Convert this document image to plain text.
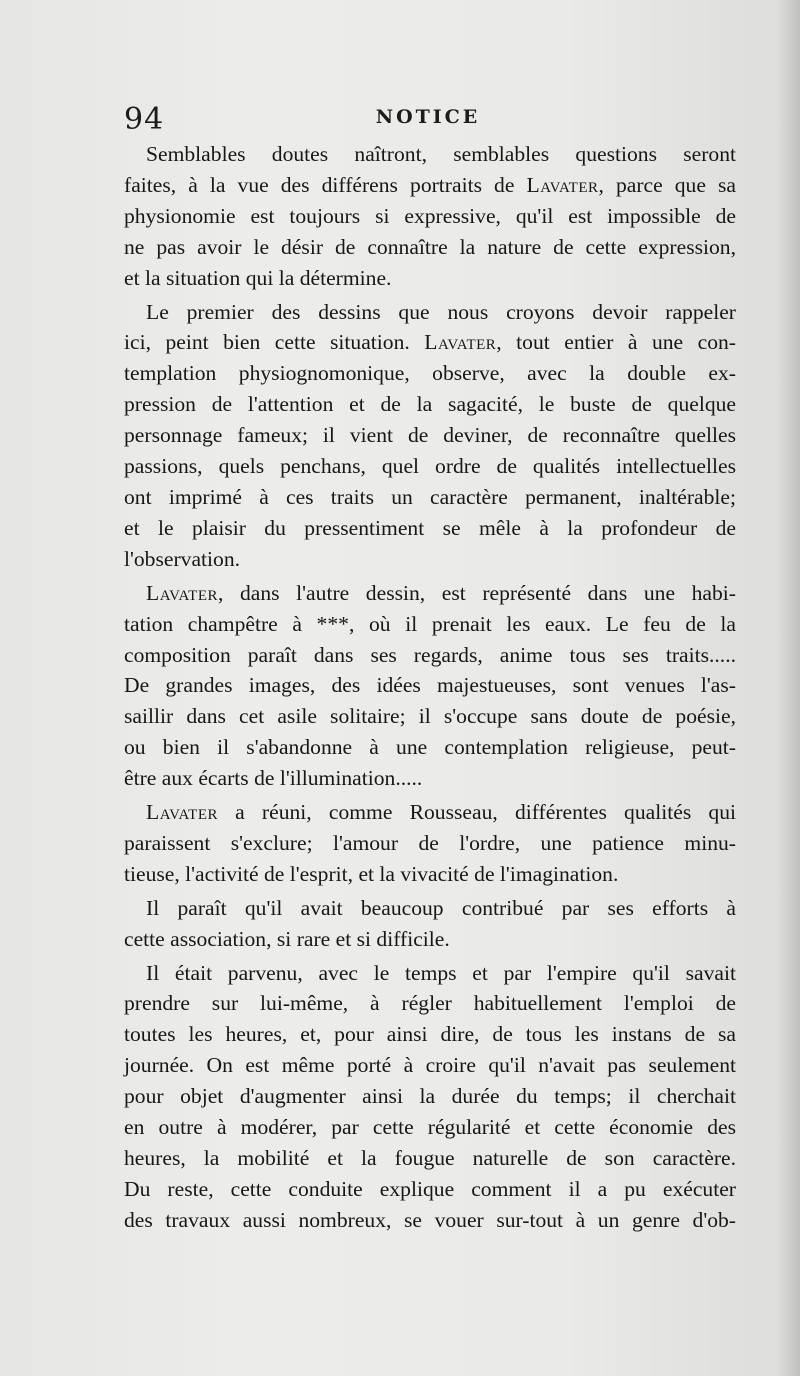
94	NOTICE

Semblables doutes naîtront, semblables questions seront
faites, à la vue des différens portraits de Lavater, parce que sa
physionomie est toujours si expressive, qu'il est impossible de
ne pas avoir le désir de connaître la nature de cette expression,
et la situation qui la détermine.

Le premier des dessins que nous croyons devoir rappeler
ici, peint bien cette situation. Lavater, tout entier à une con-
templation physiognomonique, observe, avec la double ex-
pression de l'attention et de la sagacité, le buste de quelque
personnage fameux; il vient de deviner, de reconnaître quelles
passions, quels penchans, quel ordre de qualités intellectuelles
ont imprimé à ces traits un caractère permanent, inaltérable;
et le plaisir du pressentiment se mêle à la profondeur de
l'observation.

Lavater, dans l'autre dessin, est représenté dans une habi-
tation champêtre à ***, où il prenait les eaux. Le feu de la
composition paraît dans ses regards, anime tous ses traits.....
De grandes images, des idées majestueuses, sont venues l'as-
saillir dans cet asile solitaire; il s'occupe sans doute de poésie,
ou bien il s'abandonne à une contemplation religieuse, peut-
être aux écarts de l'illumination.....

Lavater a réuni, comme Rousseau, différentes qualités qui
paraissent s'exclure; l'amour de l'ordre, une patience minu-
tieuse, l'activité de l'esprit, et la vivacité de l'imagination.

Il paraît qu'il avait beaucoup contribué par ses efforts à
cette association, si rare et si difficile.

Il était parvenu, avec le temps et par l'empire qu'il savait
prendre sur lui-même, à régler habituellement l'emploi de
toutes les heures, et, pour ainsi dire, de tous les instans de sa
journée. On est même porté à croire qu'il n'avait pas seulement
pour objet d'augmenter ainsi la durée du temps; il cherchait
en outre à modérer, par cette régularité et cette économie des
heures, la mobilité et la fougue naturelle de son caractère.
Du reste, cette conduite explique comment il a pu exécuter
des travaux aussi nombreux, se vouer sur-tout à un genre d'ob-
